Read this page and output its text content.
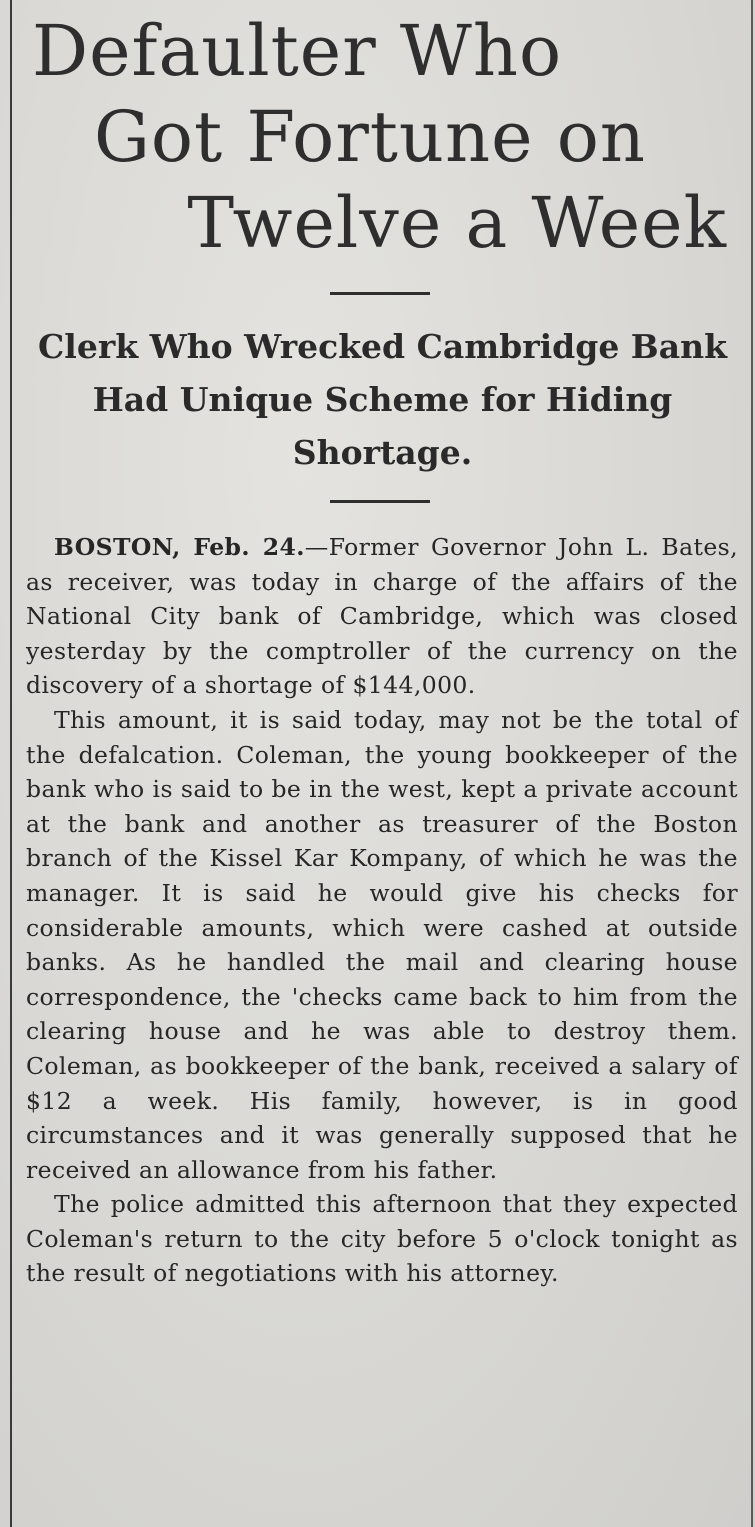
Defaulter Who
Got Fortune on
Twelve a Week
Clerk Who Wrecked Cambridge Bank
Had Unique Scheme for Hiding
Shortage.

BOSTON, Feb. 24.—Former Governor John L. Bates, as receiver, was today in charge of the affairs of the National City bank of Cambridge, which was closed yesterday by the comptroller of the currency on the discovery of a shortage of $144,000.

This amount, it is said today, may not be the total of the defalcation. Coleman, the young bookkeeper of the bank who is said to be in the west, kept a private account at the bank and another as treasurer of the Boston branch of the Kissel Kar Kompany, of which he was the manager. It is said he would give his checks for considerable amounts, which were cashed at outside banks. As he handled the mail and clearing house correspondence, the 'checks came back to him from the clearing house and he was able to destroy them. Coleman, as bookkeeper of the bank, received a salary of $12 a week. His family, however, is in good circumstances and it was generally supposed that he received an allowance from his father.

The police admitted this afternoon that they expected Coleman's return to the city before 5 o'clock tonight as the result of negotiations with his attorney.
